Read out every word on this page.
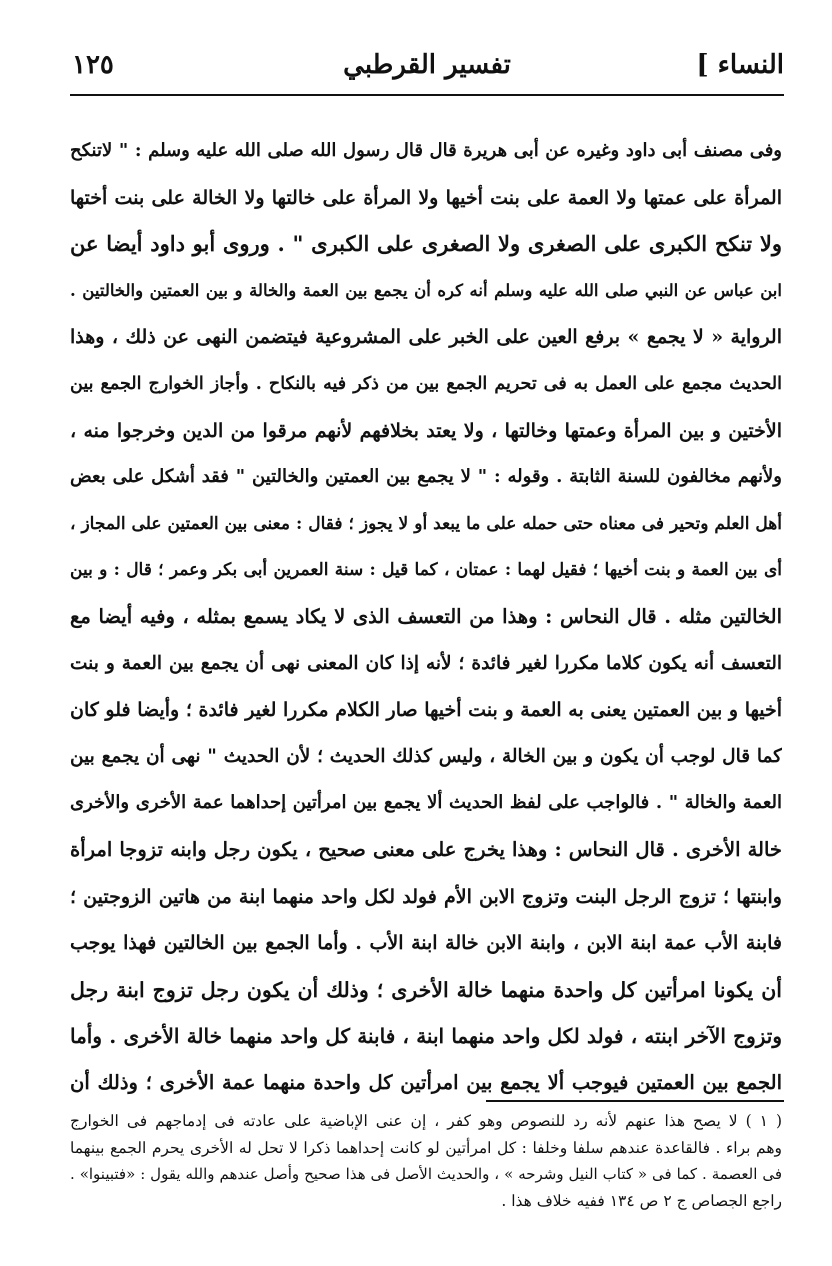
النساء ]
تفسير القرطبي
١٢٥
وفى مصنف أبى داود وغيره عن أبى هريرة قال قال رسول الله صلى الله عليه وسلم : " لاتنكح
المرأة على عمتها ولا العمة على بنت أخيها ولا المرأة على خالتها ولا الخالة على بنت أختها
ولا تنكح الكبرى على الصغرى ولا الصغرى على الكبرى " . وروى أبو داود أيضا عن
ابن عباس عن النبي صلى الله عليه وسلم أنه كره أن يجمع بين العمة والخالة و بين العمتين والخالتين .
الرواية « لا يجمع » برفع العين على الخبر على المشروعية فيتضمن النهى عن ذلك ، وهذا
الحديث مجمع على العمل به فى تحريم الجمع بين من ذكر فيه بالنكاح . وأجاز الخوارج الجمع بين
الأختين و بين المرأة وعمتها وخالتها ، ولا يعتد بخلافهم لأنهم مرقوا من الدين وخرجوا منه ،
ولأنهم مخالفون للسنة الثابتة . وقوله : " لا يجمع بين العمتين والخالتين " فقد أشكل على بعض
أهل العلم وتحير فى معناه حتى حمله على ما يبعد أو لا يجوز ؛ فقال : معنى بين العمتين على المجاز ،
أى بين العمة و بنت أخيها ؛ فقيل لهما : عمتان ، كما قيل : سنة العمرين أبى بكر وعمر ؛ قال : و بين
الخالتين مثله . قال النحاس : وهذا من التعسف الذى لا يكاد يسمع بمثله ، وفيه أيضا مع
التعسف أنه يكون كلاما مكررا لغير فائدة ؛ لأنه إذا كان المعنى نهى أن يجمع بين العمة و بنت
أخيها و بين العمتين يعنى به العمة و بنت أخيها صار الكلام مكررا لغير فائدة ؛ وأيضا فلو كان
كما قال لوجب أن يكون و بين الخالة ، وليس كذلك الحديث ؛ لأن الحديث " نهى أن يجمع بين
العمة والخالة " . فالواجب على لفظ الحديث ألا يجمع بين امرأتين إحداهما عمة الأخرى والأخرى
خالة الأخرى . قال النحاس : وهذا يخرج على معنى صحيح ، يكون رجل وابنه تزوجا امرأة
وابنتها ؛ تزوج الرجل البنت وتزوج الابن الأم فولد لكل واحد منهما ابنة من هاتين الزوجتين ؛
فابنة الأب عمة ابنة الابن ، وابنة الابن خالة ابنة الأب . وأما الجمع بين الخالتين فهذا يوجب
أن يكونا امرأتين كل واحدة منهما خالة الأخرى ؛ وذلك أن يكون رجل تزوج ابنة رجل
وتزوج الآخر ابنته ، فولد لكل واحد منهما ابنة ، فابنة كل واحد منهما خالة الأخرى . وأما
الجمع بين العمتين فيوجب ألا يجمع بين امرأتين كل واحدة منهما عمة الأخرى ؛ وذلك أن
( ١ ) لا يصح هذا عنهم لأنه رد للنصوص وهو كفر ، إن عنى الإباضية على عادته فى إدماجهم فى الخوارج
وهم براء . فالقاعدة عندهم سلفا وخلفا : كل امرأتين لو كانت إحداهما ذكرا لا تحل له الأخرى يحرم الجمع بينهما
فى العصمة . كما فى « كتاب النيل وشرحه » ، والحديث الأصل فى هذا صحيح وأصل عندهم والله يقول : «فتبينوا» .
راجع الجصاص ج ٢ ص ١٣٤ ففيه خلاف هذا .
